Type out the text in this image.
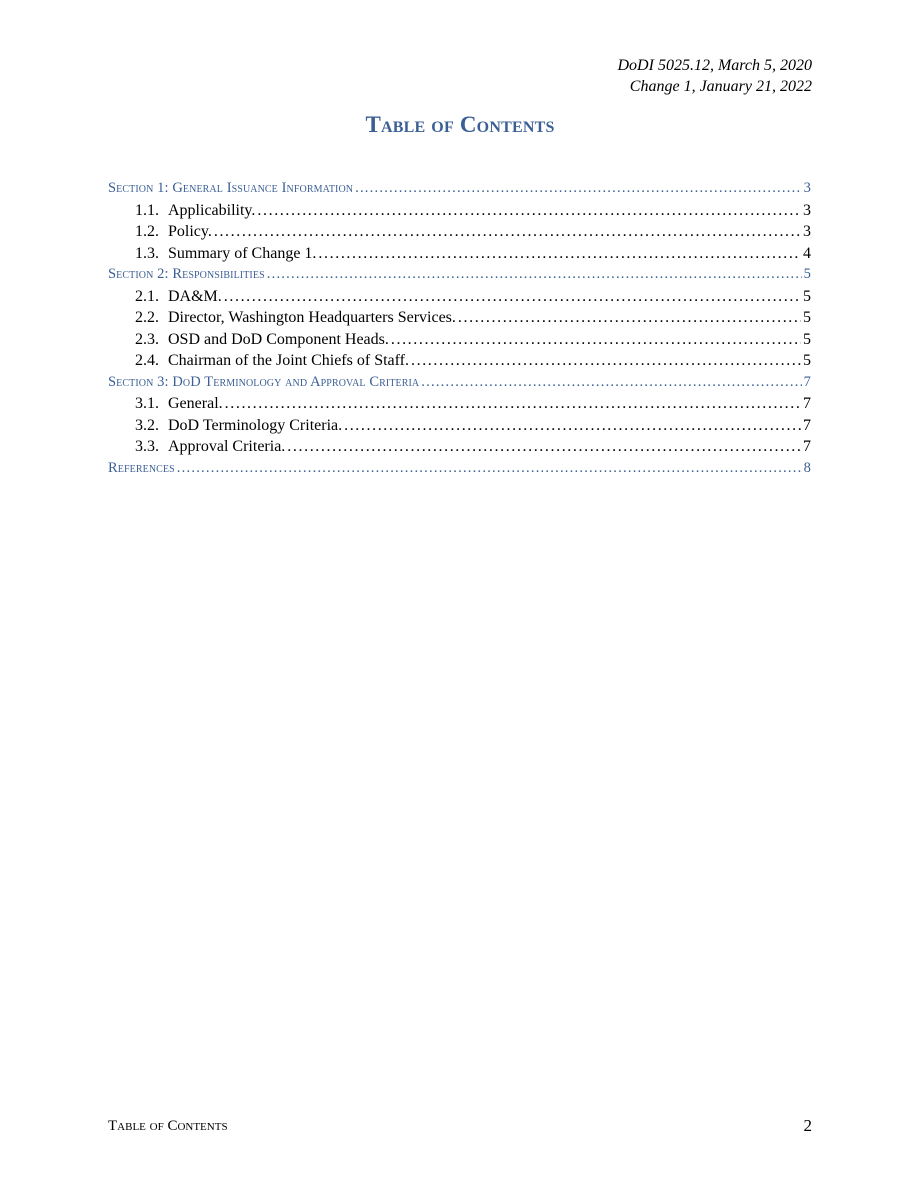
DoDI 5025.12, March 5, 2020
Change 1, January 21, 2022
Table of Contents
Section 1: General Issuance Information . . .	3
1.1. Applicability. . . .	3
1.2. Policy. . . .	3
1.3. Summary of Change 1. . . .	4
Section 2: Responsibilities . . .	5
2.1. DA&M. . . .	5
2.2. Director, Washington Headquarters Services. . . .	5
2.3. OSD and DoD Component Heads. . . .	5
2.4. Chairman of the Joint Chiefs of Staff. . . .	5
Section 3: DoD Terminology and Approval Criteria . . .	7
3.1. General. . . .	7
3.2. DoD Terminology Criteria. . . .	7
3.3. Approval Criteria. . . .	7
References . . .	8
Table of Contents	2
